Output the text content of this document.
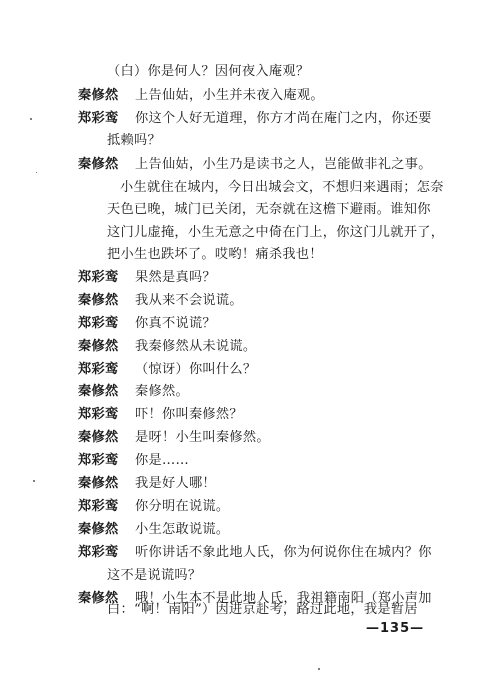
（白）你是何人？因何夜入庵观？
秦修然 上告仙姑，小生并未夜入庵观。
郑彩鸾 你这个人好无道理，你方才尚在庵门之内，你还要
抵赖吗？
秦修然 上告仙姑，小生乃是读书之人，岂能做非礼之事。
小生就住在城内，今日出城会文，不想归来遇雨；怎奈
天色已晚，城门已关闭，无奈就在这檐下避雨。谁知你
这门儿虚掩，小生无意之中倚在门上，你这门儿就开了，
把小生也跌坏了。哎哟！痛杀我也！
郑彩鸾 果然是真吗？
秦修然 我从来不会说谎。
郑彩鸾 你真不说谎？
秦修然 我秦修然从未说谎。
郑彩鸾 （惊讶）你叫什么？
秦修然 秦修然。
郑彩鸾 吓！你叫秦修然？
秦修然 是呀！小生叫秦修然。
郑彩鸾 你是……
秦修然 我是好人哪！
郑彩鸾 你分明在说谎。
秦修然 小生怎敢说谎。
郑彩鸾 听你讲话不象此地人氏，你为何说你住在城内？你
这不是说谎吗？
秦修然 哦！小生本不是此地人氏，我祖籍南阳（郑小声加
白：“啊！南阳”）因进京赴考，路过此地，我是暂居
—135—
